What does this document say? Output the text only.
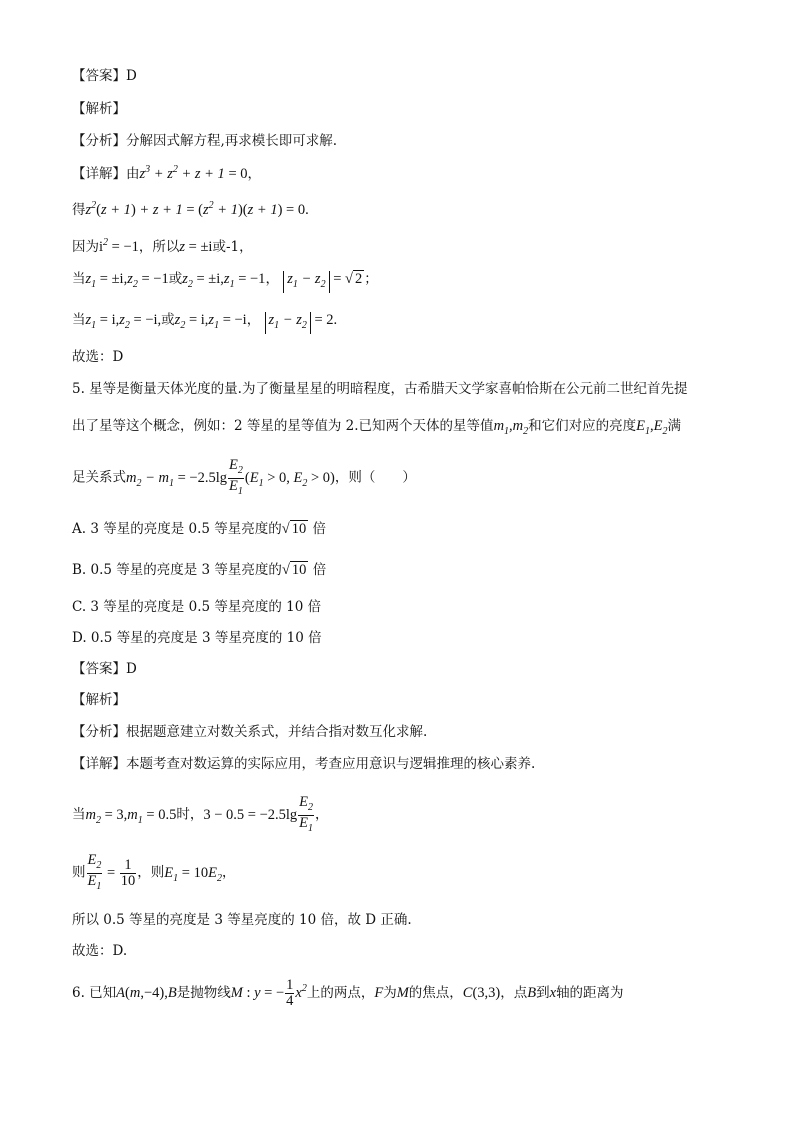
【答案】D
【解析】
【分析】分解因式解方程,再求模长即可求解.
【详解】由$z^3 + z^2 + z + 1 = 0$，
得$z^2(z + 1) + z + 1 = (z^2 + 1)(z + 1) = 0$.
因为$i^2 = -1$，所以z = ±i或-1，
当$z_1 = \pm i,z_2 = -1$或$z_2 = \pm i,z_1 = -1$， $z_1 - z_2$ = √ 2 ；
当$z_1 = i,z_2 = -i$,或$z_2 = i,z_1 = -i$， $z_1 - z_2 = 2$.
故选：D
5. 星等是衡量天体光度的量.为了衡量星星的明暗程度，古希腊天文学家喜帕恰斯在公元前二世纪首先提
出了星等这个概念，例如：2 等星的星等值为 2.已知两个天体的星等值$m_1,m_2$和它们对应的亮度$E_1,E_2$满
足关系式$m_2 - m_1 = -2.5\lg \frac{E_2}{E_1} (E_1 > 0$, $E_2 > 0$)，则（　　）
A. 3 等星的亮度是 0.5 等星亮度的√ 10 倍
B. 0.5 等星的亮度是 3 等星亮度的√ 10 倍
C. 3 等星的亮度是 0.5 等星亮度的 10 倍
D. 0.5 等星的亮度是 3 等星亮度的 10 倍
【答案】D
【解析】
【分析】根据题意建立对数关系式，并结合指对数互化求解.
【详解】本题考查对数运算的实际应用，考查应用意识与逻辑推理的核心素养.
当$m_2 = 3,m_1 = 0.5$时，$3 - 0.5 = -2.5\lg \frac{E_2}{E_1}$ ，
则 $\frac{E_2}{E_1} = \frac{1}{10}$ ，则$E_1 = 10E_2$，
所以 0.5 等星的亮度是 3 等星亮度的 10 倍，故 D 正确.
故选：D.
6. 已知A(m,−4),B是抛物线M : y = − $\frac{1}{4} x^2$上的两点，F为M的焦点，C(3,3)，点B到x轴的距离为
